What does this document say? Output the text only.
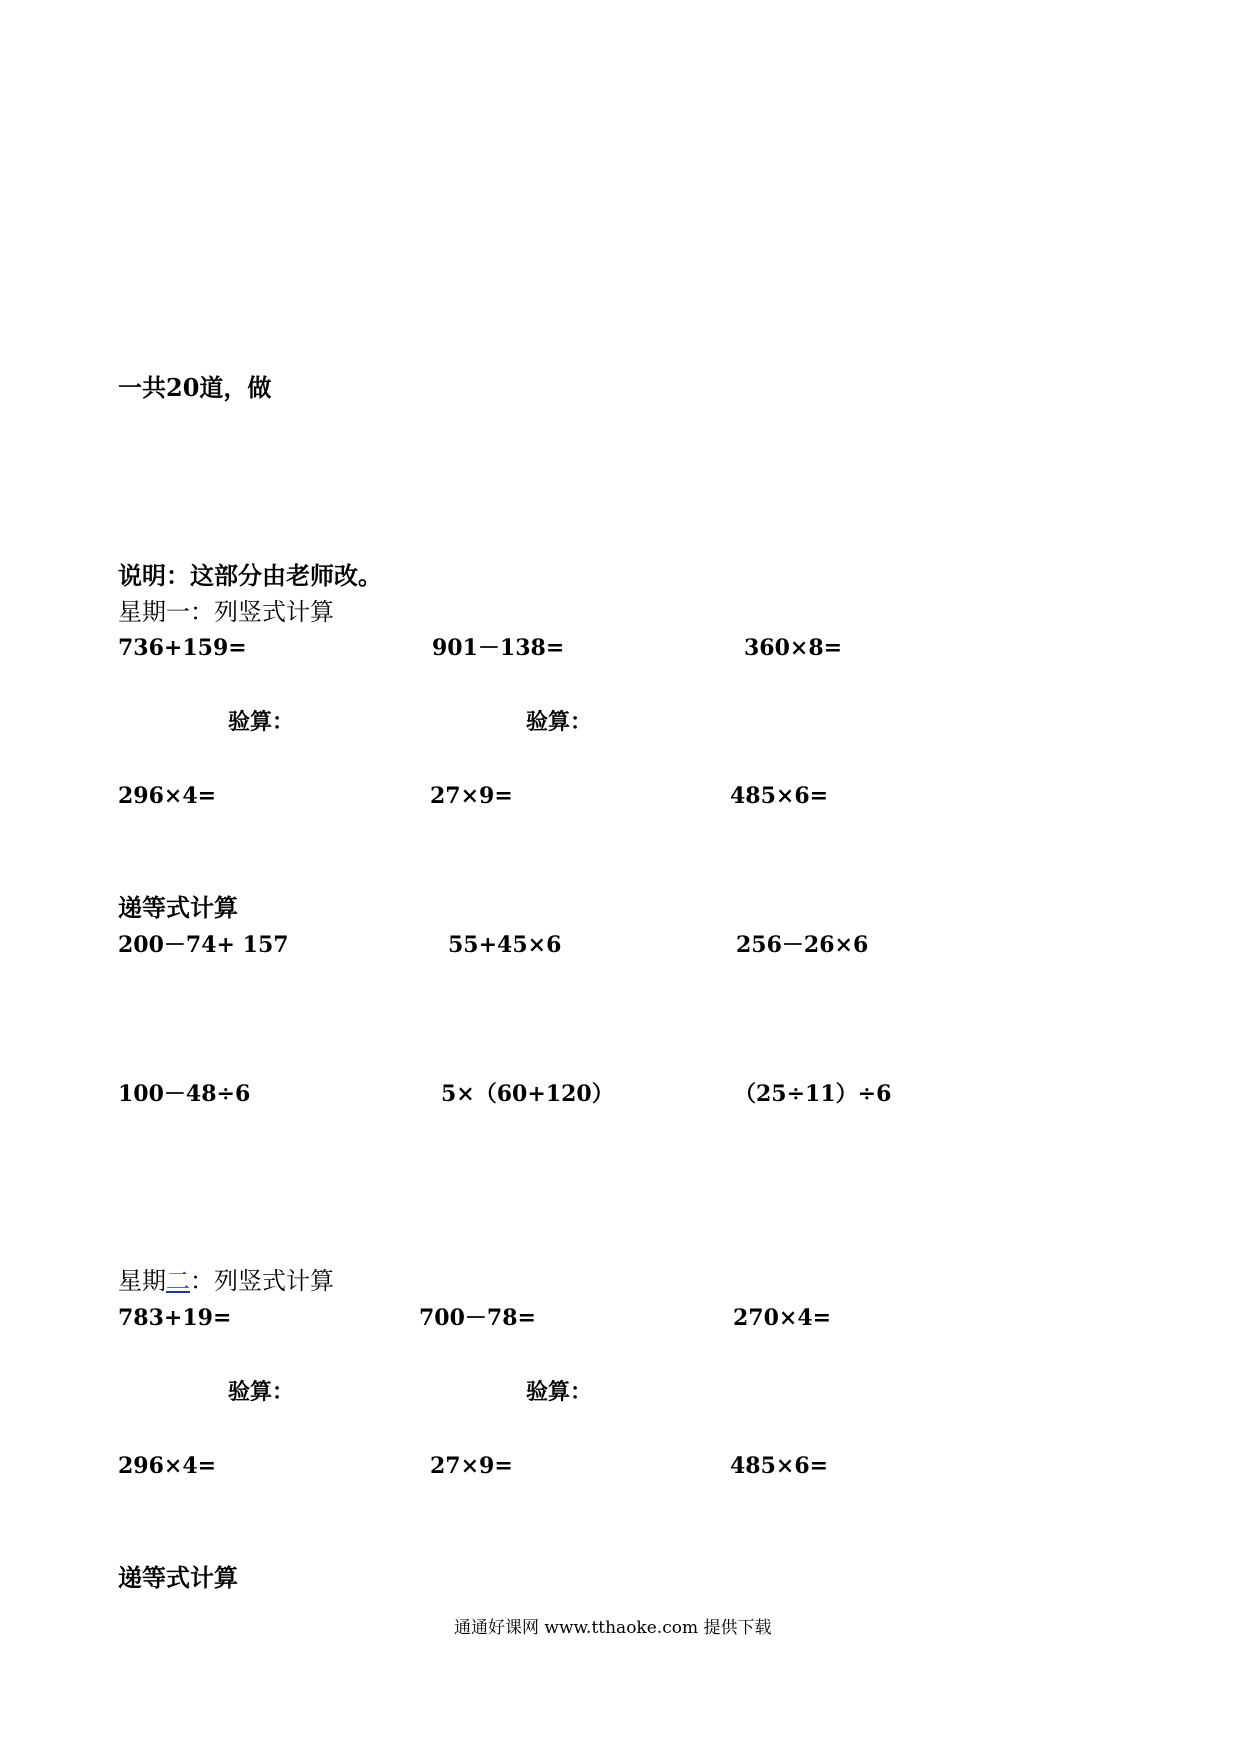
一共20道，做
说明：这部分由老师改。
星期一：列竖式计算
736+159=	901－138=	360×8=
验算：	验算：
296×4=	27×9=	485×6=
递等式计算
200－74+ 157	55+45×6	256－26×6
100－48÷6	5×（60+120）	（25÷11）÷6
星期二：列竖式计算
783+19=	700－78=	270×4=
验算：	验算：
296×4=	27×9=	485×6=
递等式计算
通通好课网 www.tthaoke.com 提供下载
